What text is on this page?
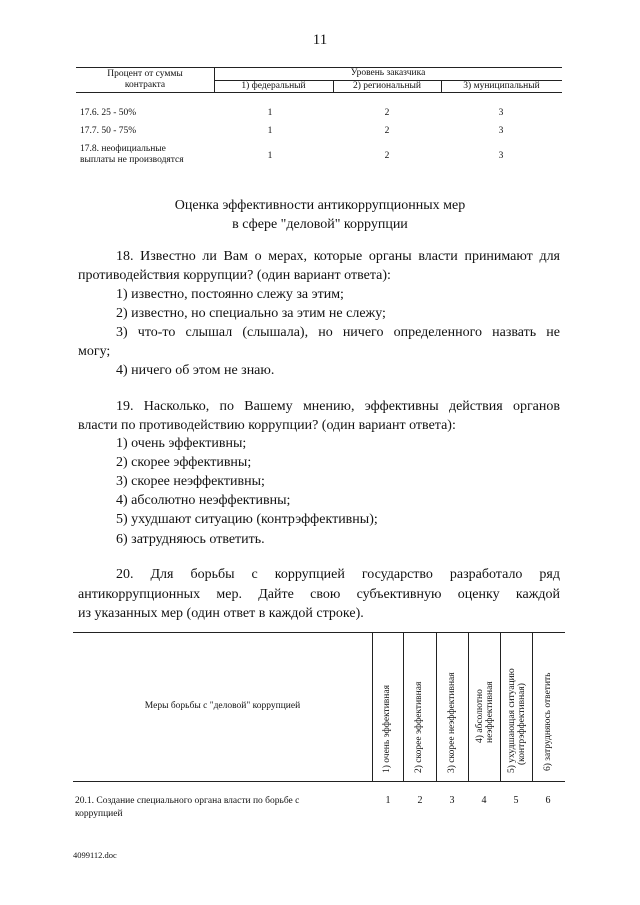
11
Процент от суммы
контракта
Уровень заказчика
1) федеральный	2) региональный	3) муниципальный
17.6. 25 - 50%	1	2	3
17.7. 50 - 75%	1	2	3
17.8. неофициальные
выплаты не производятся	1	2	3
Оценка эффективности антикоррупционных мер
в сфере "деловой" коррупции

18. Известно ли Вам о мерах, которые органы власти принимают для

противодействия коррупции? (один вариант ответа):

1) известно, постоянно слежу за этим;
2) известно, но специально за этим не слежу;

3) что-то слышал (слышала), но ничего определенного назвать не

могу;
4) ничего об этом не знаю.

19. Насколько, по Вашему мнению, эффективны действия органов

власти по противодействию коррупции? (один вариант ответа):

1) очень эффективны;
2) скорее эффективны;
3) скорее неэффективны;
4) абсолютно неэффективны;
5) ухудшают ситуацию (контрэффективны);
6) затрудняюсь ответить.

20. Для борьбы с коррупцией государство разработало ряд

антикоррупционных мер. Дайте свою субъективную оценку каждой

из указанных мер (один ответ в каждой строке).

Меры борьбы с "деловой" коррупцией	1) очень эффективная 2) скорее эффективная 3) скорее неэффективная 4) абсолютно неэффективная 5) ухудшающая ситуацию (контрэффективная) 6) затрудняюсь ответить
20.1. Создание специального органа власти по борьбе с
коррупцией
1	2	3	4	5	6
4099112.doc
